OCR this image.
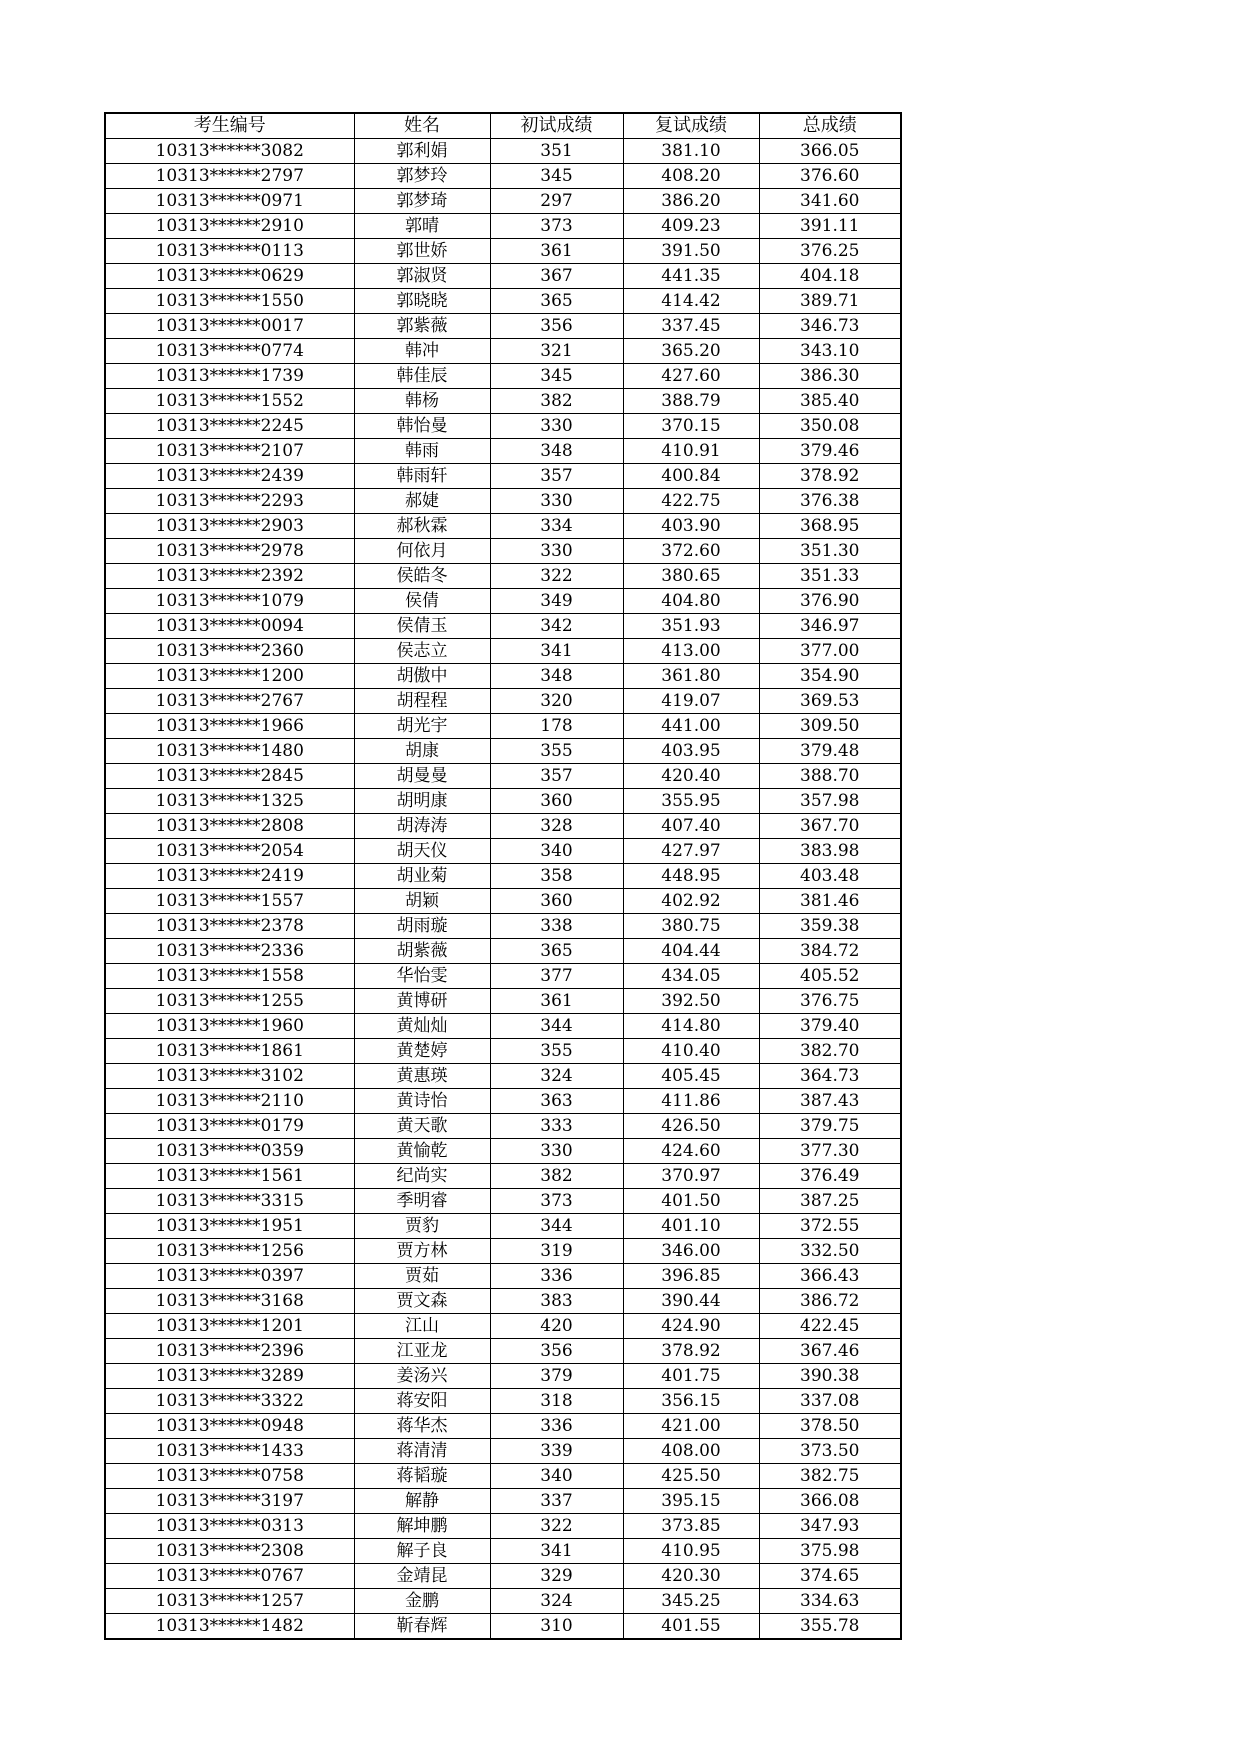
考生编号	姓名	初试成绩	复试成绩	总成绩
10313******3082	郭利娟	351	381.10	366.05
10313******2797	郭梦玲	345	408.20	376.60
10313******0971	郭梦琦	297	386.20	341.60
10313******2910	郭晴	373	409.23	391.11
10313******0113	郭世娇	361	391.50	376.25
10313******0629	郭淑贤	367	441.35	404.18
10313******1550	郭晓晓	365	414.42	389.71
10313******0017	郭紫薇	356	337.45	346.73
10313******0774	韩冲	321	365.20	343.10
10313******1739	韩佳辰	345	427.60	386.30
10313******1552	韩杨	382	388.79	385.40
10313******2245	韩怡曼	330	370.15	350.08
10313******2107	韩雨	348	410.91	379.46
10313******2439	韩雨轩	357	400.84	378.92
10313******2293	郝婕	330	422.75	376.38
10313******2903	郝秋霖	334	403.90	368.95
10313******2978	何依月	330	372.60	351.30
10313******2392	侯皓冬	322	380.65	351.33
10313******1079	侯倩	349	404.80	376.90
10313******0094	侯倩玉	342	351.93	346.97
10313******2360	侯志立	341	413.00	377.00
10313******1200	胡傲中	348	361.80	354.90
10313******2767	胡程程	320	419.07	369.53
10313******1966	胡光宇	178	441.00	309.50
10313******1480	胡康	355	403.95	379.48
10313******2845	胡曼曼	357	420.40	388.70
10313******1325	胡明康	360	355.95	357.98
10313******2808	胡涛涛	328	407.40	367.70
10313******2054	胡天仪	340	427.97	383.98
10313******2419	胡业菊	358	448.95	403.48
10313******1557	胡颖	360	402.92	381.46
10313******2378	胡雨璇	338	380.75	359.38
10313******2336	胡紫薇	365	404.44	384.72
10313******1558	华怡雯	377	434.05	405.52
10313******1255	黄博研	361	392.50	376.75
10313******1960	黄灿灿	344	414.80	379.40
10313******1861	黄楚婷	355	410.40	382.70
10313******3102	黄惠瑛	324	405.45	364.73
10313******2110	黄诗怡	363	411.86	387.43
10313******0179	黄天歌	333	426.50	379.75
10313******0359	黄愉乾	330	424.60	377.30
10313******1561	纪尚实	382	370.97	376.49
10313******3315	季明睿	373	401.50	387.25
10313******1951	贾豹	344	401.10	372.55
10313******1256	贾方林	319	346.00	332.50
10313******0397	贾茹	336	396.85	366.43
10313******3168	贾文森	383	390.44	386.72
10313******1201	江山	420	424.90	422.45
10313******2396	江亚龙	356	378.92	367.46
10313******3289	姜汤兴	379	401.75	390.38
10313******3322	蒋安阳	318	356.15	337.08
10313******0948	蒋华杰	336	421.00	378.50
10313******1433	蒋清清	339	408.00	373.50
10313******0758	蒋韬璇	340	425.50	382.75
10313******3197	解静	337	395.15	366.08
10313******0313	解坤鹏	322	373.85	347.93
10313******2308	解子良	341	410.95	375.98
10313******0767	金靖昆	329	420.30	374.65
10313******1257	金鹏	324	345.25	334.63
10313******1482	靳春辉	310	401.55	355.78
